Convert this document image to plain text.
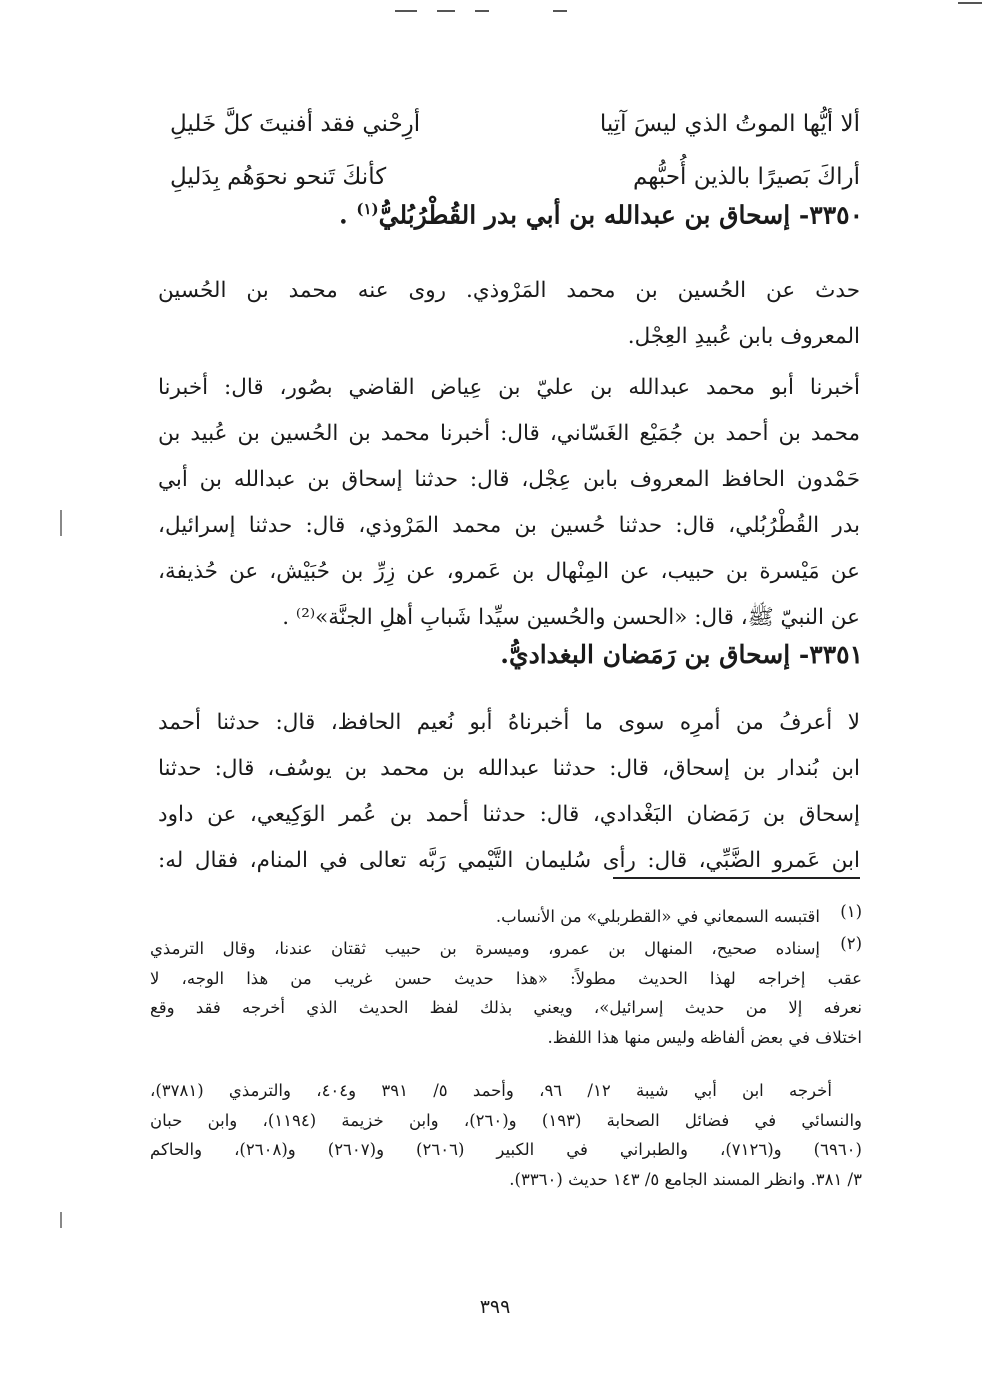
ألا أيُّها الموتُ الذي ليسَ آتِيا
أرِحْني فقد أفنيتَ كلَّ خَليلِ
أراكَ بَصيرًا بالذين أُحبُّهم
كأنكَ تَنحو نحوَهُم بِدَليلِ
٣٣٥٠- إسحاق بن عبدالله بن أبي بدر القُطْرُبُليُّ$^{(١)}$ .
حدث عن الحُسين بن محمد المَرْوذي. روى عنه محمد بن الحُسين
المعروف بابن عُبيدِ العِجْل.
أخبرنا أبو محمد عبدالله بن عليّ بن عِياض القاضي بصُور، قال: أخبرنا
محمد بن أحمد بن جُمَيْع الغَسّاني، قال: أخبرنا محمد بن الحُسين بن عُبيد بن
حَمْدون الحافظ المعروف بابن عِجْل، قال: حدثنا إسحاق بن عبدالله بن أبي
بدر القُطْرُبُلي، قال: حدثنا حُسين بن محمد المَرْوذي، قال: حدثنا إسرائيل،
عن مَيْسرة بن حبيب، عن المِنْهال بن عَمرو، عن زِرِّ بن حُبَيْش، عن حُذيفة،
عن النبيّ ﷺ، قال: «الحسن والحُسين سيِّدا شَبابِ أهلِ الجنَّة»⁽²⁾ .
٣٣٥١- إسحاق بن رَمَضان البغداديُّ.
لا أعرفُ من أمرِه سوى ما أخبرناهُ أبو نُعيم الحافظ، قال: حدثنا أحمد
ابن بُندار بن إسحاق، قال: حدثنا عبدالله بن محمد بن يوسُف، قال: حدثنا
إسحاق بن رَمَضان البَغْدادي، قال: حدثنا أحمد بن عُمر الوَكِيعي، عن داود
ابن عَمرو الضَّبِّي، قال: رأى سُليمان التَّيْمي رَبَّه تعالى في المنام، فقال له:
(١)
اقتبسه السمعاني في «القطربلي» من الأنساب.
(٢)
إسناده صحيح، المنهال بن عمرو، وميسرة بن حبيب ثقتان عندنا، وقال الترمذي
عقب إخراجه لهذا الحديث مطولاً: «هذا حديث حسن غريب من هذا الوجه، لا
نعرفه إلا من حديث إسرائيل»، ويعني بذلك لفظ الحديث الذي أخرجه فقد وقع
اختلاف في بعض ألفاظه وليس منها هذا اللفظ.
أخرجه ابن أبي شيبة ١٢/ ٩٦، وأحمد ٥/ ٣٩١ و٤٠٤، والترمذي (٣٧٨١)،
والنسائي في فضائل الصحابة (١٩٣) و(٢٦٠)، وابن خزيمة (١١٩٤)، وابن حبان
(٦٩٦٠) و(٧١٢٦)، والطبراني في الكبير (٢٦٠٦) و(٢٦٠٧) و(٢٦٠٨)، والحاكم
٣/ ٣٨١. وانظر المسند الجامع ٥/ ١٤٣ حديث (٣٣٦٠).
٣٩٩
